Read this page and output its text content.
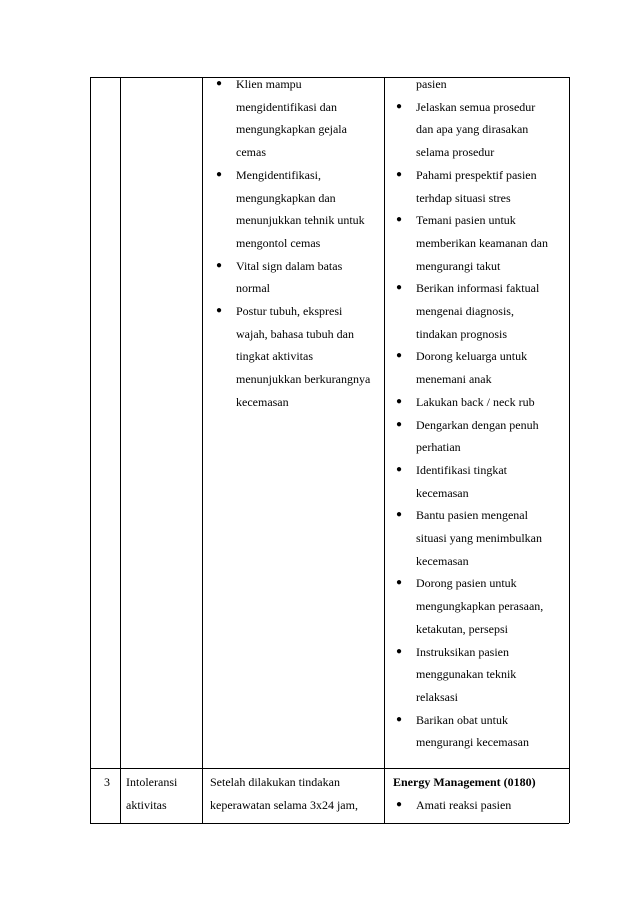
●
Klien mampu
mengidentifikasi dan
mengungkapkan gejala
cemas
●
Mengidentifikasi,
mengungkapkan dan
menunjukkan tehnik untuk
mengontol cemas
●
Vital sign dalam batas
normal
●
Postur tubuh, ekspresi
wajah, bahasa tubuh dan
tingkat aktivitas
menunjukkan berkurangnya
kecemasan
pasien
●
Jelaskan semua prosedur
dan apa yang dirasakan
selama prosedur
●
Pahami prespektif pasien
terhdap situasi stres
●
Temani pasien untuk
memberikan keamanan dan
mengurangi takut
●
Berikan informasi faktual
mengenai diagnosis,
tindakan prognosis
●
Dorong keluarga untuk
menemani anak
●
Lakukan back / neck rub
●
Dengarkan dengan penuh
perhatian
●
Identifikasi tingkat
kecemasan
●
Bantu pasien mengenal
situasi yang menimbulkan
kecemasan
●
Dorong pasien untuk
mengungkapkan perasaan,
ketakutan, persepsi
●
Instruksikan pasien
menggunakan teknik
relaksasi
●
Barikan obat untuk
mengurangi kecemasan
3 Intoleransi
aktivitas
Setelah dilakukan tindakan
keperawatan selama 3x24 jam,
Energy Management (0180)
●
Amati reaksi pasien
